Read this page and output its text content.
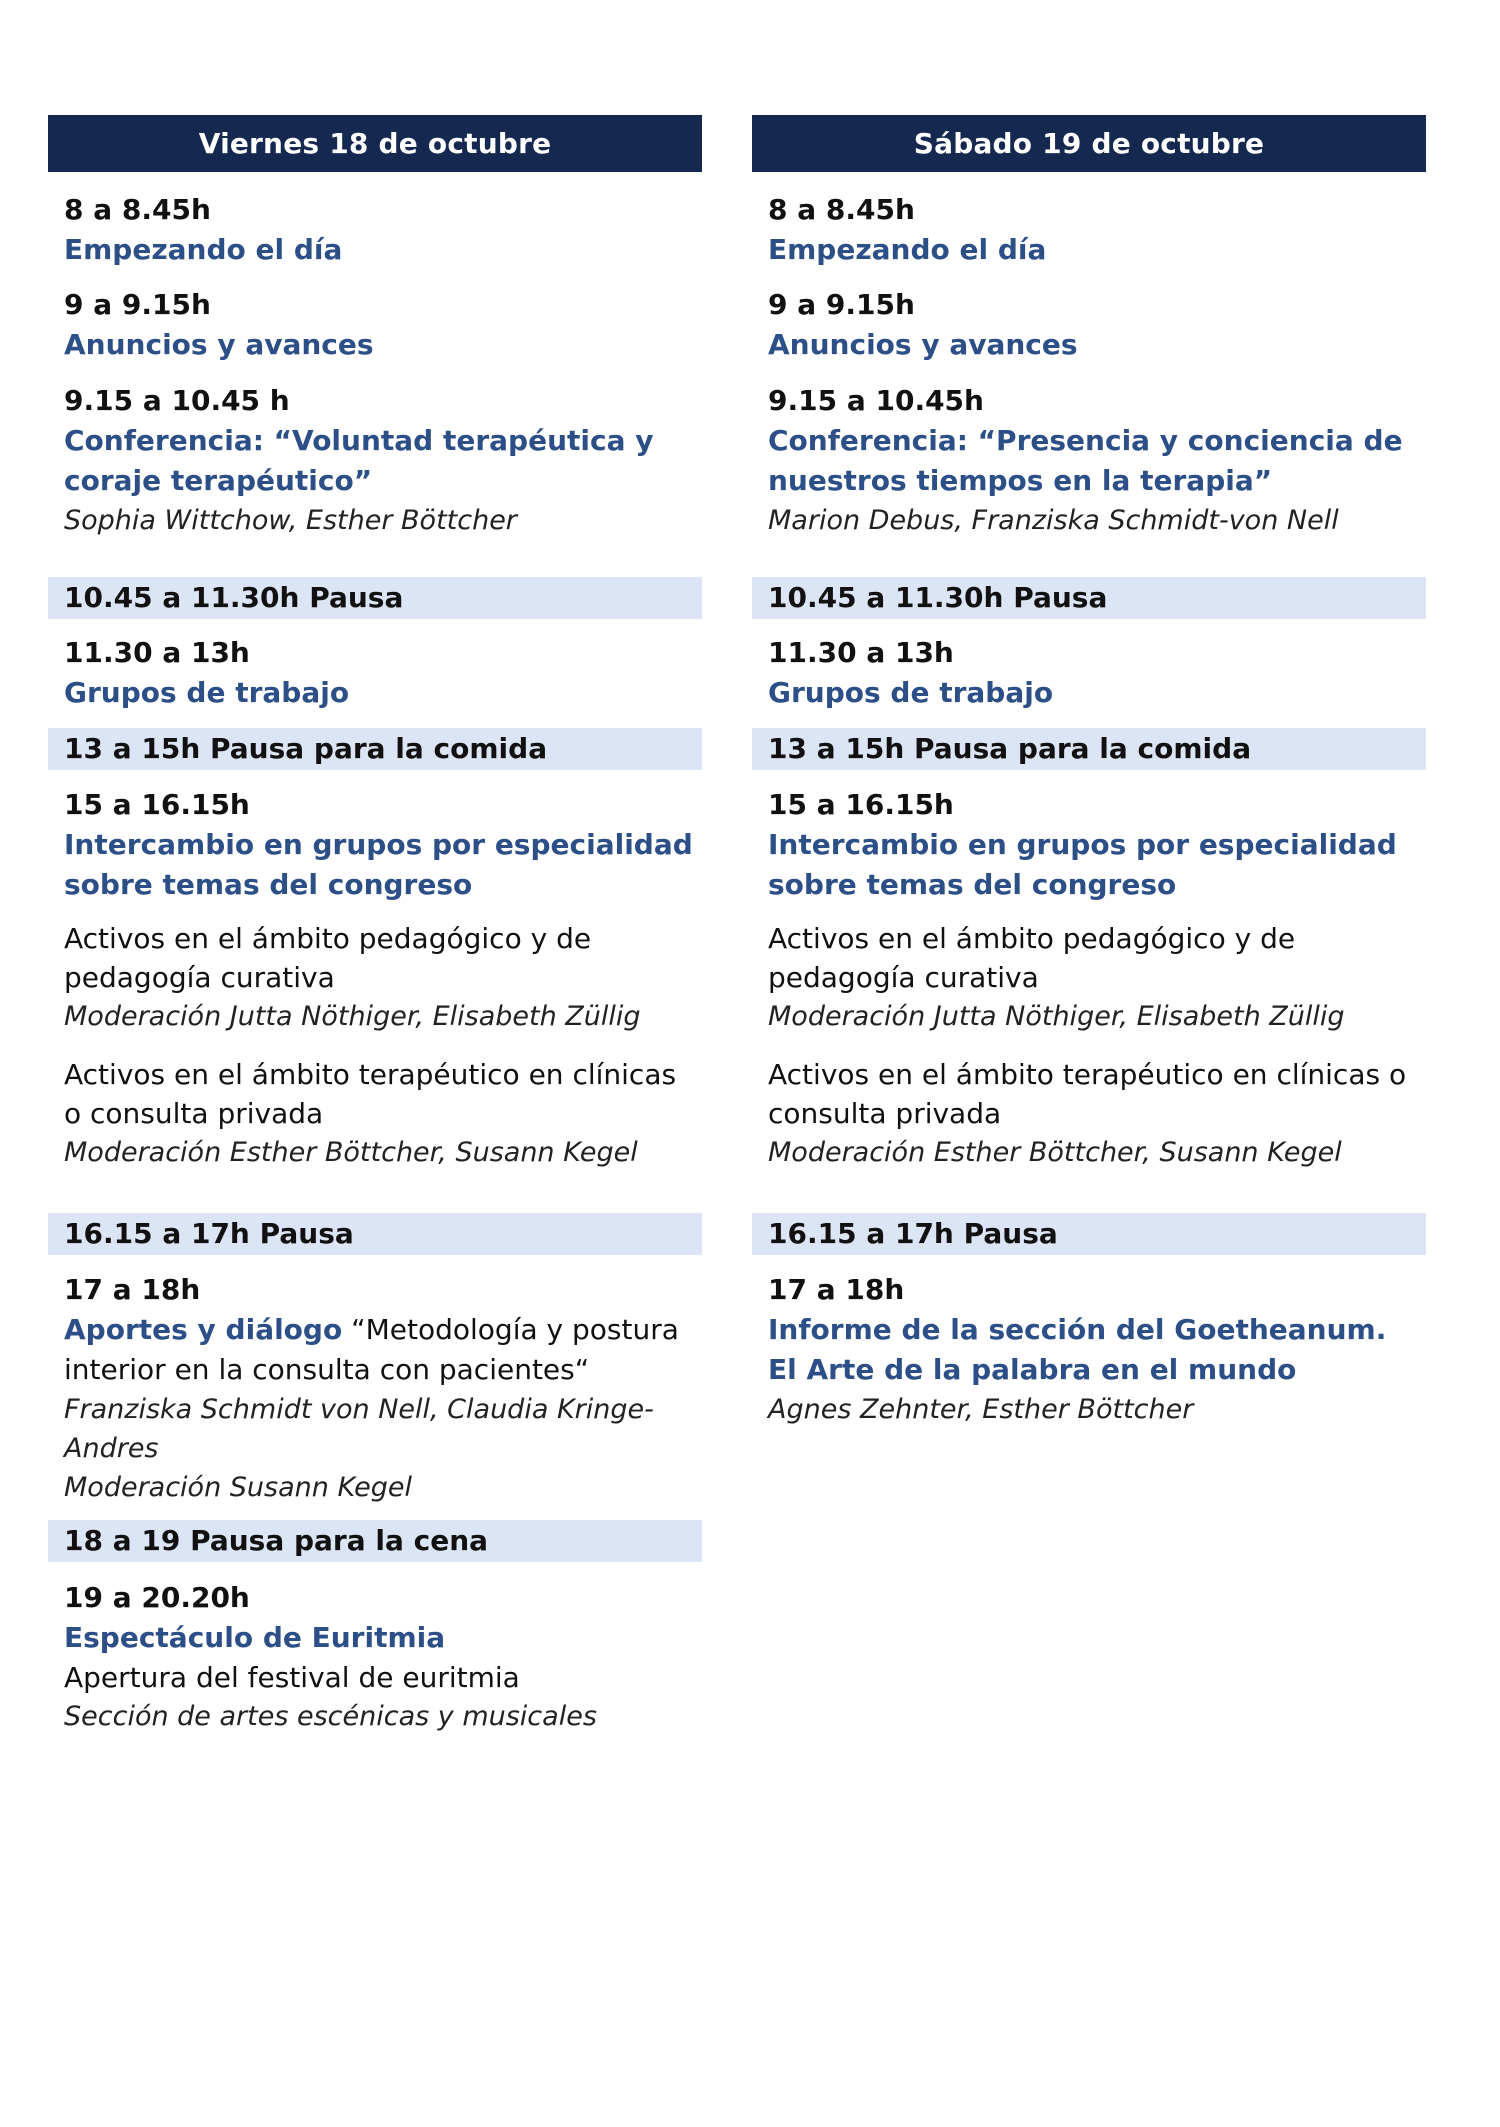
Viernes 18 de octubre
8 a 8.45h
Empezando el día
9 a 9.15h
Anuncios y avances
9.15 a 10.45 h
Conferencia: “Voluntad terapéutica y coraje terapéutico”
Sophia Wittchow, Esther Böttcher
10.45 a 11.30h Pausa
11.30 a 13h
Grupos de trabajo
13 a 15h Pausa para la comida
15 a 16.15h
Intercambio en grupos por especialidad sobre temas del congreso
Activos en el ámbito pedagógico y de pedagogía curativa
Moderación Jutta Nöthiger, Elisabeth Züllig
Activos en el ámbito terapéutico en clínicas o consulta privada
Moderación Esther Böttcher, Susann Kegel
16.15 a 17h Pausa
17 a 18h
Aportes y diálogo “Metodología y postura interior en la consulta con pacientes“
Franziska Schmidt von Nell, Claudia Kringe-Andres
Moderación Susann Kegel
18 a 19 Pausa para la cena
19 a 20.20h
Espectáculo de Euritmia
Apertura del festival de euritmia
Sección de artes escénicas y musicales
Sábado 19 de octubre
8 a 8.45h
Empezando el día
9 a 9.15h
Anuncios y avances
9.15 a 10.45h
Conferencia: “Presencia y conciencia de nuestros tiempos en la terapia”
Marion Debus, Franziska Schmidt-von Nell
10.45 a 11.30h Pausa
11.30 a 13h
Grupos de trabajo
13 a 15h Pausa para la comida
15 a 16.15h
Intercambio en grupos por especialidad sobre temas del congreso
Activos en el ámbito pedagógico y de pedagogía curativa
Moderación Jutta Nöthiger, Elisabeth Züllig
Activos en el ámbito terapéutico en clínicas o consulta privada
Moderación Esther Böttcher, Susann Kegel
16.15 a 17h Pausa
17 a 18h
Informe de la sección del Goetheanum. El Arte de la palabra en el mundo
Agnes Zehnter, Esther Böttcher
